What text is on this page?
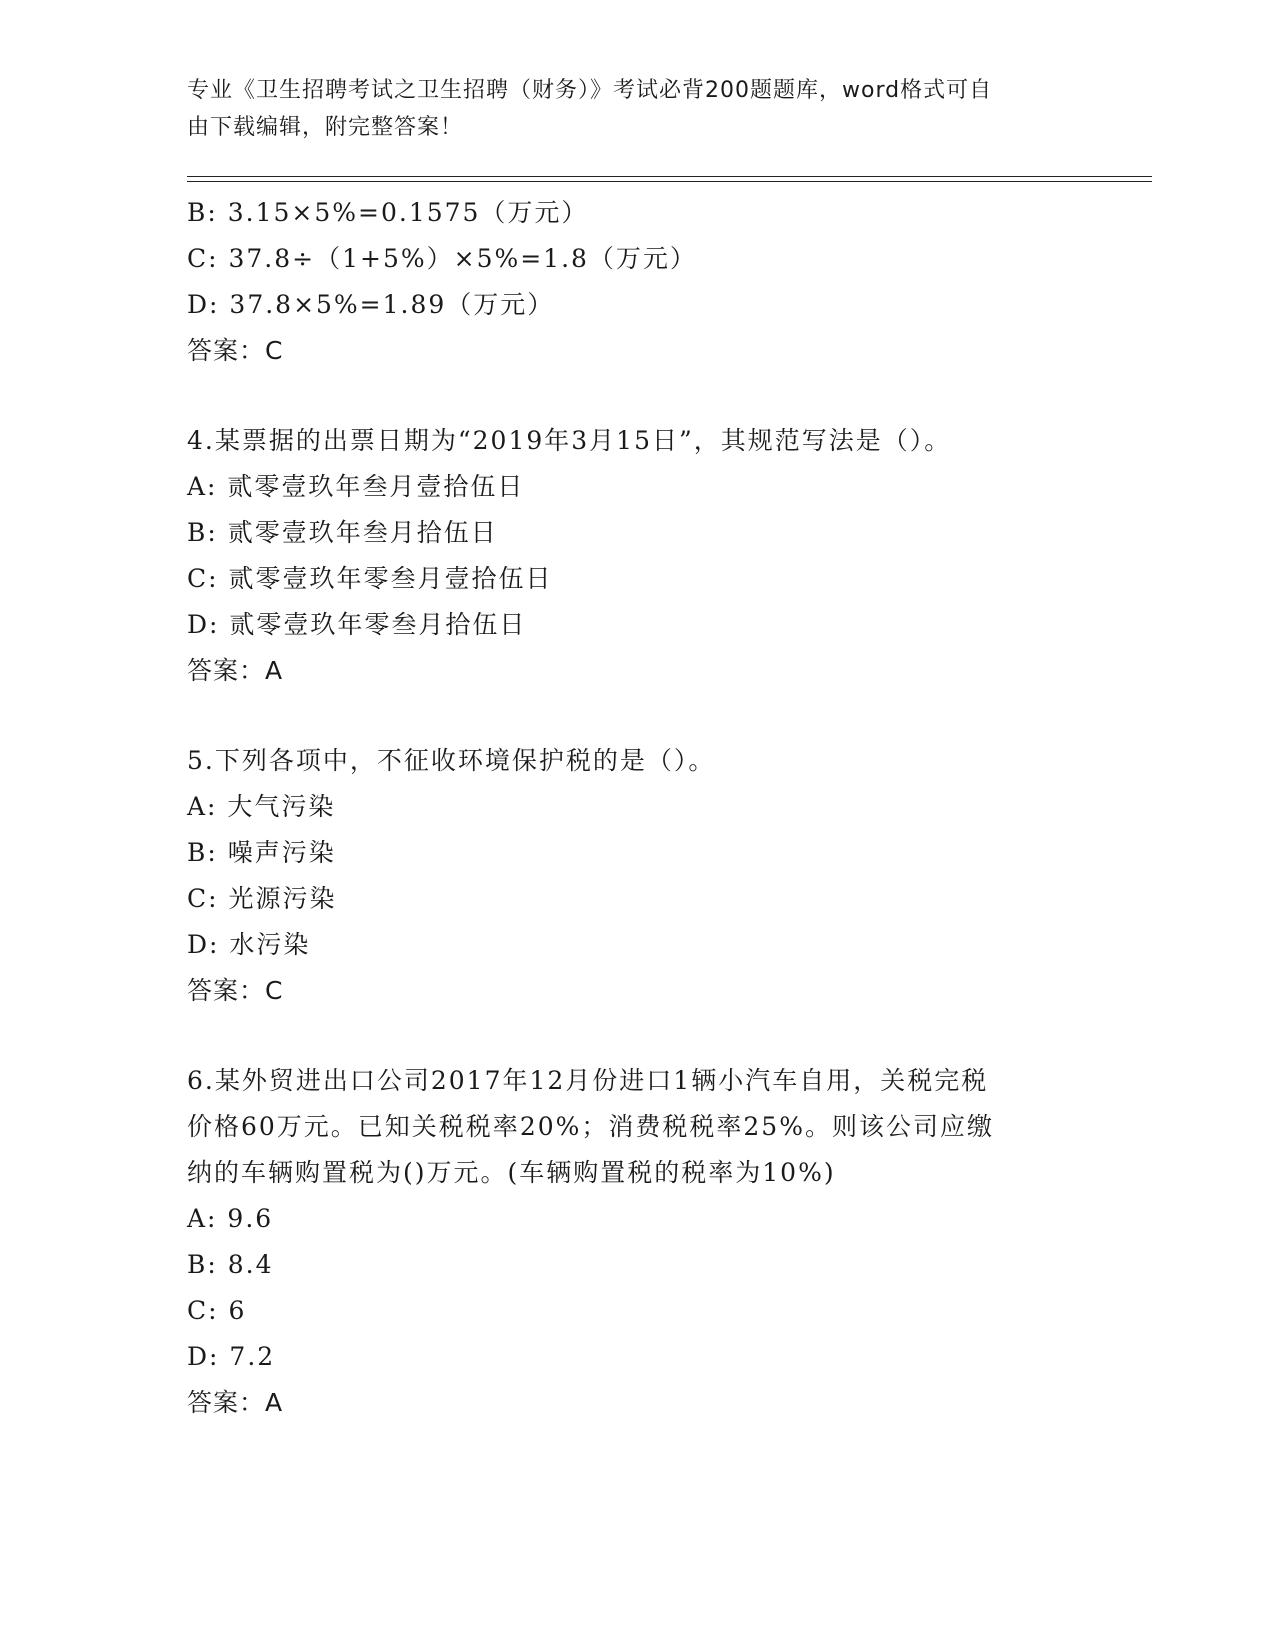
专业《卫生招聘考试之卫生招聘（财务）》考试必背200题题库，word格式可自
由下载编辑，附完整答案！
B: 3.15×5%=0.1575（万元）
C: 37.8÷（1+5%）×5%=1.8（万元）
D: 37.8×5%=1.89（万元）
答案：C
4.某票据的出票日期为“2019年3月15日”，其规范写法是（）。
A: 贰零壹玖年叁月壹拾伍日
B: 贰零壹玖年叁月拾伍日
C: 贰零壹玖年零叁月壹拾伍日
D: 贰零壹玖年零叁月拾伍日
答案：A
5.下列各项中，不征收环境保护税的是（）。
A: 大气污染
B: 噪声污染
C: 光源污染
D: 水污染
答案：C
6.某外贸进出口公司2017年12月份进口1辆小汽车自用，关税完税
价格60万元。已知关税税率20%；消费税税率25%。则该公司应缴
纳的车辆购置税为()万元。(车辆购置税的税率为10%)
A: 9.6
B: 8.4
C: 6
D: 7.2
答案：A
